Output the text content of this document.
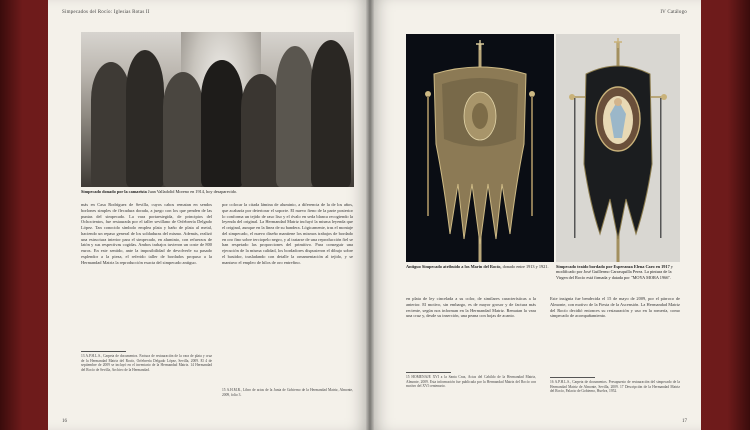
Simpecados del Rocío: Iglesias Rotas II
Simpecado donado por la camarista Juan Valladolid Moreno en 1914, hoy desaparecido.
más en Casa Rodríguez de Sevilla, cuyos cabos rematan en sendos borlones simples de flecadura dorada, a juego con los que penden de las puntas del simpecado. La vara portaestegida, de principios del Ochocientos, fue restaurada por el taller sevillano de Orfebrería Delgado López. Tan conocido símbolo emplea plata y baño de plata al metal, haciendo un repaso general de los soldaduras del mismo. Además, realizó una estructura interior para el simpecado, en aluminio, con refuerzos de latón y sus respectivas cogidas. Ambos trabajos tuvieron un coste de 800 euros. En este sentido, ante la imposibilidad de devolverle su pasado esplendor a la pieza, el referido taller de bordados propuso a la Hermandad Matriz la reproducción exacta del simpecado antiguo.
por colocar la citada lámina de aluminio, a diferencia de la de los años, que acabaría por deteriorar el soporte. El nuevo fieno de la parte posterior lo conforma un tejido de raso liso y el óvalo en seda blanca recogiendo la leyenda del original. La Hermandad Matriz incluyó la misma leyenda que el original, aunque en la línea de su bandera. Lógicamente, tras el montaje del simpecado, el nuevo diseño mantiene los mismos trabajos de bordado en oro fino sobre terciopelo negro, y al tratarse de una reproducción fiel se han respetado las proporciones del primitivo. Para conseguir una ejecución de la misma calidad, los bordadores dispusieron el dibujo sobre el bastidor, trasladando con detalle la ornamentación al tejido, y se mantuvo el empleo de hilos de oro entrefino.
13 A.P.H.L.S., Carpeta de documentos. Factura de restauración de la vara de plata y cruz de la Hermandad Matriz del Rocío, Orfebrería Delgado López, Sevilla, 2009. El 4 de septiembre de 2009 se incluyó en el inventario de la Hermandad Matriz. 14 Hermandad del Rocío de Sevilla, Archivo de la Hermandad.
15 A.H.M.R., Libro de actas de la Junta de Gobierno de la Hermandad Matriz, Almonte, 2009, folio 3.
16
IV Catálogo
Antiguo Simpecado atribuido a los Marín del Rocío, donado entre 1913 y 1921.	Simpecado traído bordado por Esperanza Elena Caro en 1917 y modificado por José Guillermo Carrasquilla Perea. La pintura de la Virgen del Rocío está firmada y datada por "MOYA MORA 1966".
en plata de ley cincelada a su color, de similares características a la anterior. El motivo, sin embargo, es de mayor grosor y de factura más reciente, según nos informan en la Hermandad Matriz. Rematan la vara una cruz y, desde su inserción, una peana con hojas de acanto.
Este insignia fue bendecida el 15 de mayo de 2009, por el párroco de Almonte, con motivo de la Fiesta de la Ascensión. La Hermandad Matriz del Rocío decidió entonces su restauración y uso en la romería, como simpecado de acompañamiento.
15 HOMENAJE XVI a la Santa Cruz, Actas del Cabildo de la Hermandad Matriz, Almonte, 2009. Esta información fue publicada por la Hermandad Matriz del Rocío con motivo del XVI centenario.
16 A.P.H.L.S., Carpeta de documentos. Presupuesto de restauración del simpecado de la Hermandad Matriz de Almonte, Sevilla, 2009. 17 Descripción de la Hermandad Matriz del Rocío, Palacio de Gobierno, Huelva, 1952.
17
